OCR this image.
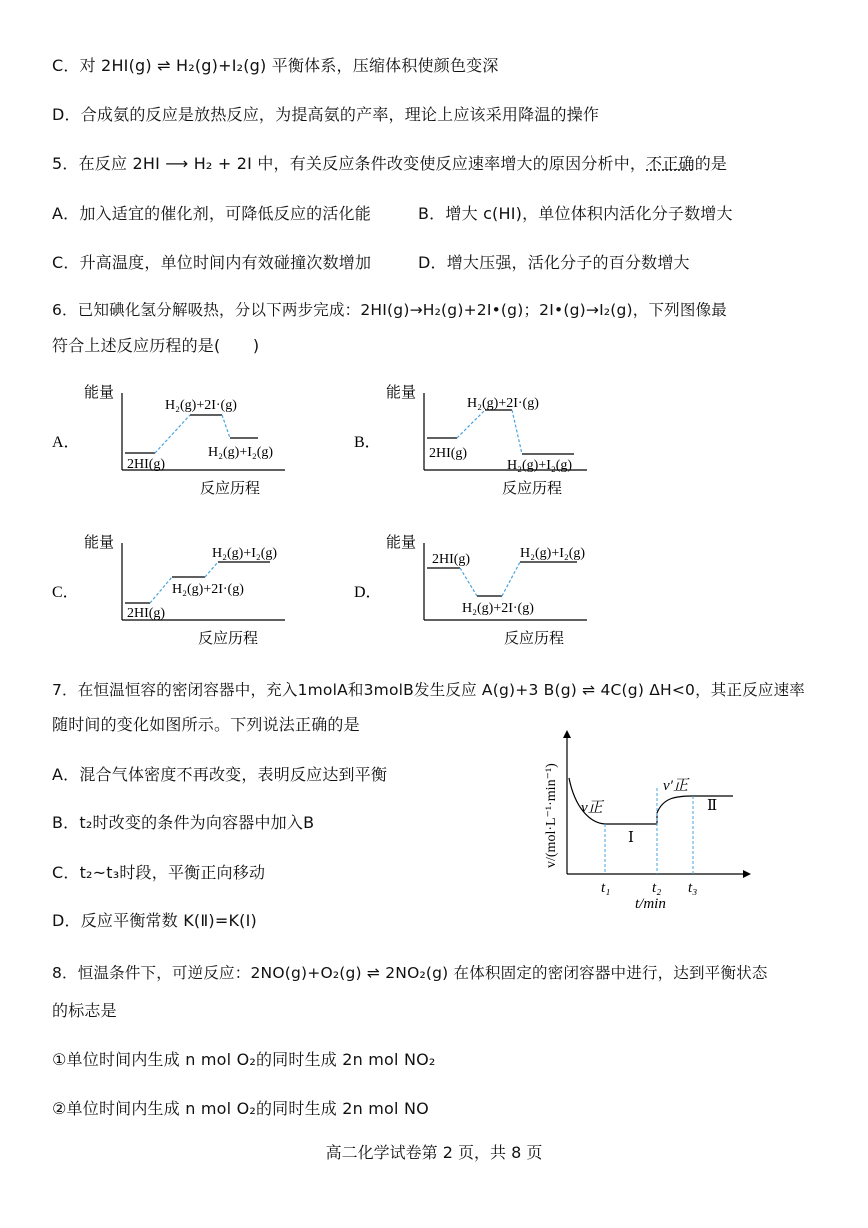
C．对 2HI(g) ⇌ H₂(g)+I₂(g) 平衡体系，压缩体积使颜色变深
D．合成氨的反应是放热反应，为提高氨的产率，理论上应该采用降温的操作
5．在反应 2HI ⟶ H₂ + 2I 中，有关反应条件改变使反应速率增大的原因分析中，不正确的是
A．加入适宜的催化剂，可降低反应的活化能	B．增大 c(HI)，单位体积内活化分子数增大
C．升高温度，单位时间内有效碰撞次数增加	D．增大压强，活化分子的百分数增大
6．已知碘化氢分解吸热，分以下两步完成：2HI(g)→H₂(g)+2I•(g)；2I•(g)→I₂(g)，下列图像最
符合上述反应历程的是(　　)
A．
能量
2HI(g)
H₂(g)+2I·(g)
H₂(g)+I₂(g)
反应历程
B．
能量
2HI(g)
H₂(g)+2I·(g)
H₂(g)+I₂(g)
反应历程
C．
能量
2HI(g)
H₂(g)+2I·(g)
H₂(g)+I₂(g)
反应历程
D．
能量
2HI(g)
H₂(g)+2I·(g)
H₂(g)+I₂(g)
反应历程
7．在恒温恒容的密闭容器中，充入1molA和3molB发生反应 A(g)+3 B(g) ⇌ 4C(g) ΔH<0，其正反应速率
随时间的变化如图所示。下列说法正确的是
A．混合气体密度不再改变，表明反应达到平衡
B．t₂时改变的条件为向容器中加入B
C．t₂~t₃时段，平衡正向移动
D．反应平衡常数 K(Ⅱ)=K(Ⅰ)
v正
v′正
Ⅰ
Ⅱ
t₁	t₂ t₃
t/min
v/(mol·L⁻¹·min⁻¹)
8．恒温条件下，可逆反应：2NO(g)+O₂(g) ⇌ 2NO₂(g) 在体积固定的密闭容器中进行，达到平衡状态
的标志是
①单位时间内生成 n mol O₂的同时生成 2n mol NO₂
②单位时间内生成 n mol O₂的同时生成 2n mol NO
高二化学试卷第 2 页，共 8 页
